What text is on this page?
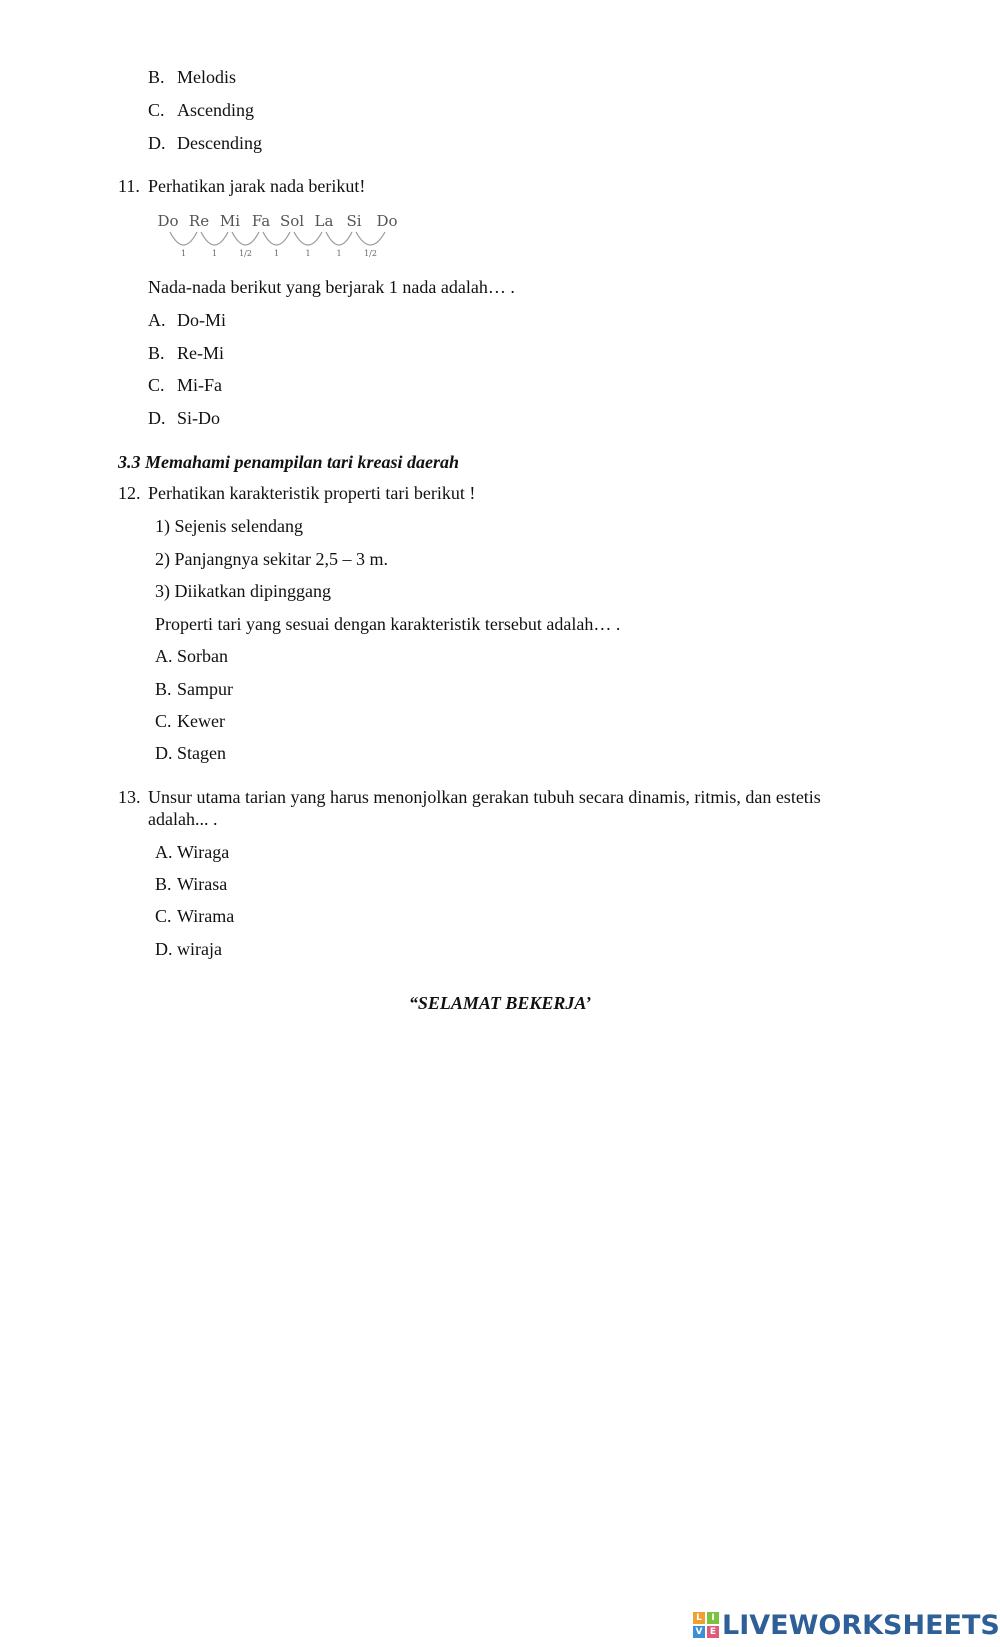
B. Melodis
C. Ascending
D. Descending
11. Perhatikan jarak nada berikut!
Do Re Mi Fa Sol La Si Do
1	1	1/2	1	1	1	1/2
Nada-nada berikut yang berjarak 1 nada adalah… .
A. Do-Mi
B. Re-Mi
C. Mi-Fa
D. Si-Do
3.3 Memahami penampilan tari kreasi daerah
12. Perhatikan karakteristik properti tari berikut !
1) Sejenis selendang
2) Panjangnya sekitar 2,5 – 3 m.
3) Diikatkan dipinggang
Properti tari yang sesuai dengan karakteristik tersebut adalah… .
A. Sorban
B. Sampur
C. Kewer
D. Stagen
13. Unsur utama tarian yang harus menonjolkan gerakan tubuh secara dinamis, ritmis, dan estetis
adalah... .
A. Wiraga
B. Wirasa
C. Wirama
D. wiraja
“SELAMAT BEKERJA’
L	I
V E LIVEWORKSHEETS
